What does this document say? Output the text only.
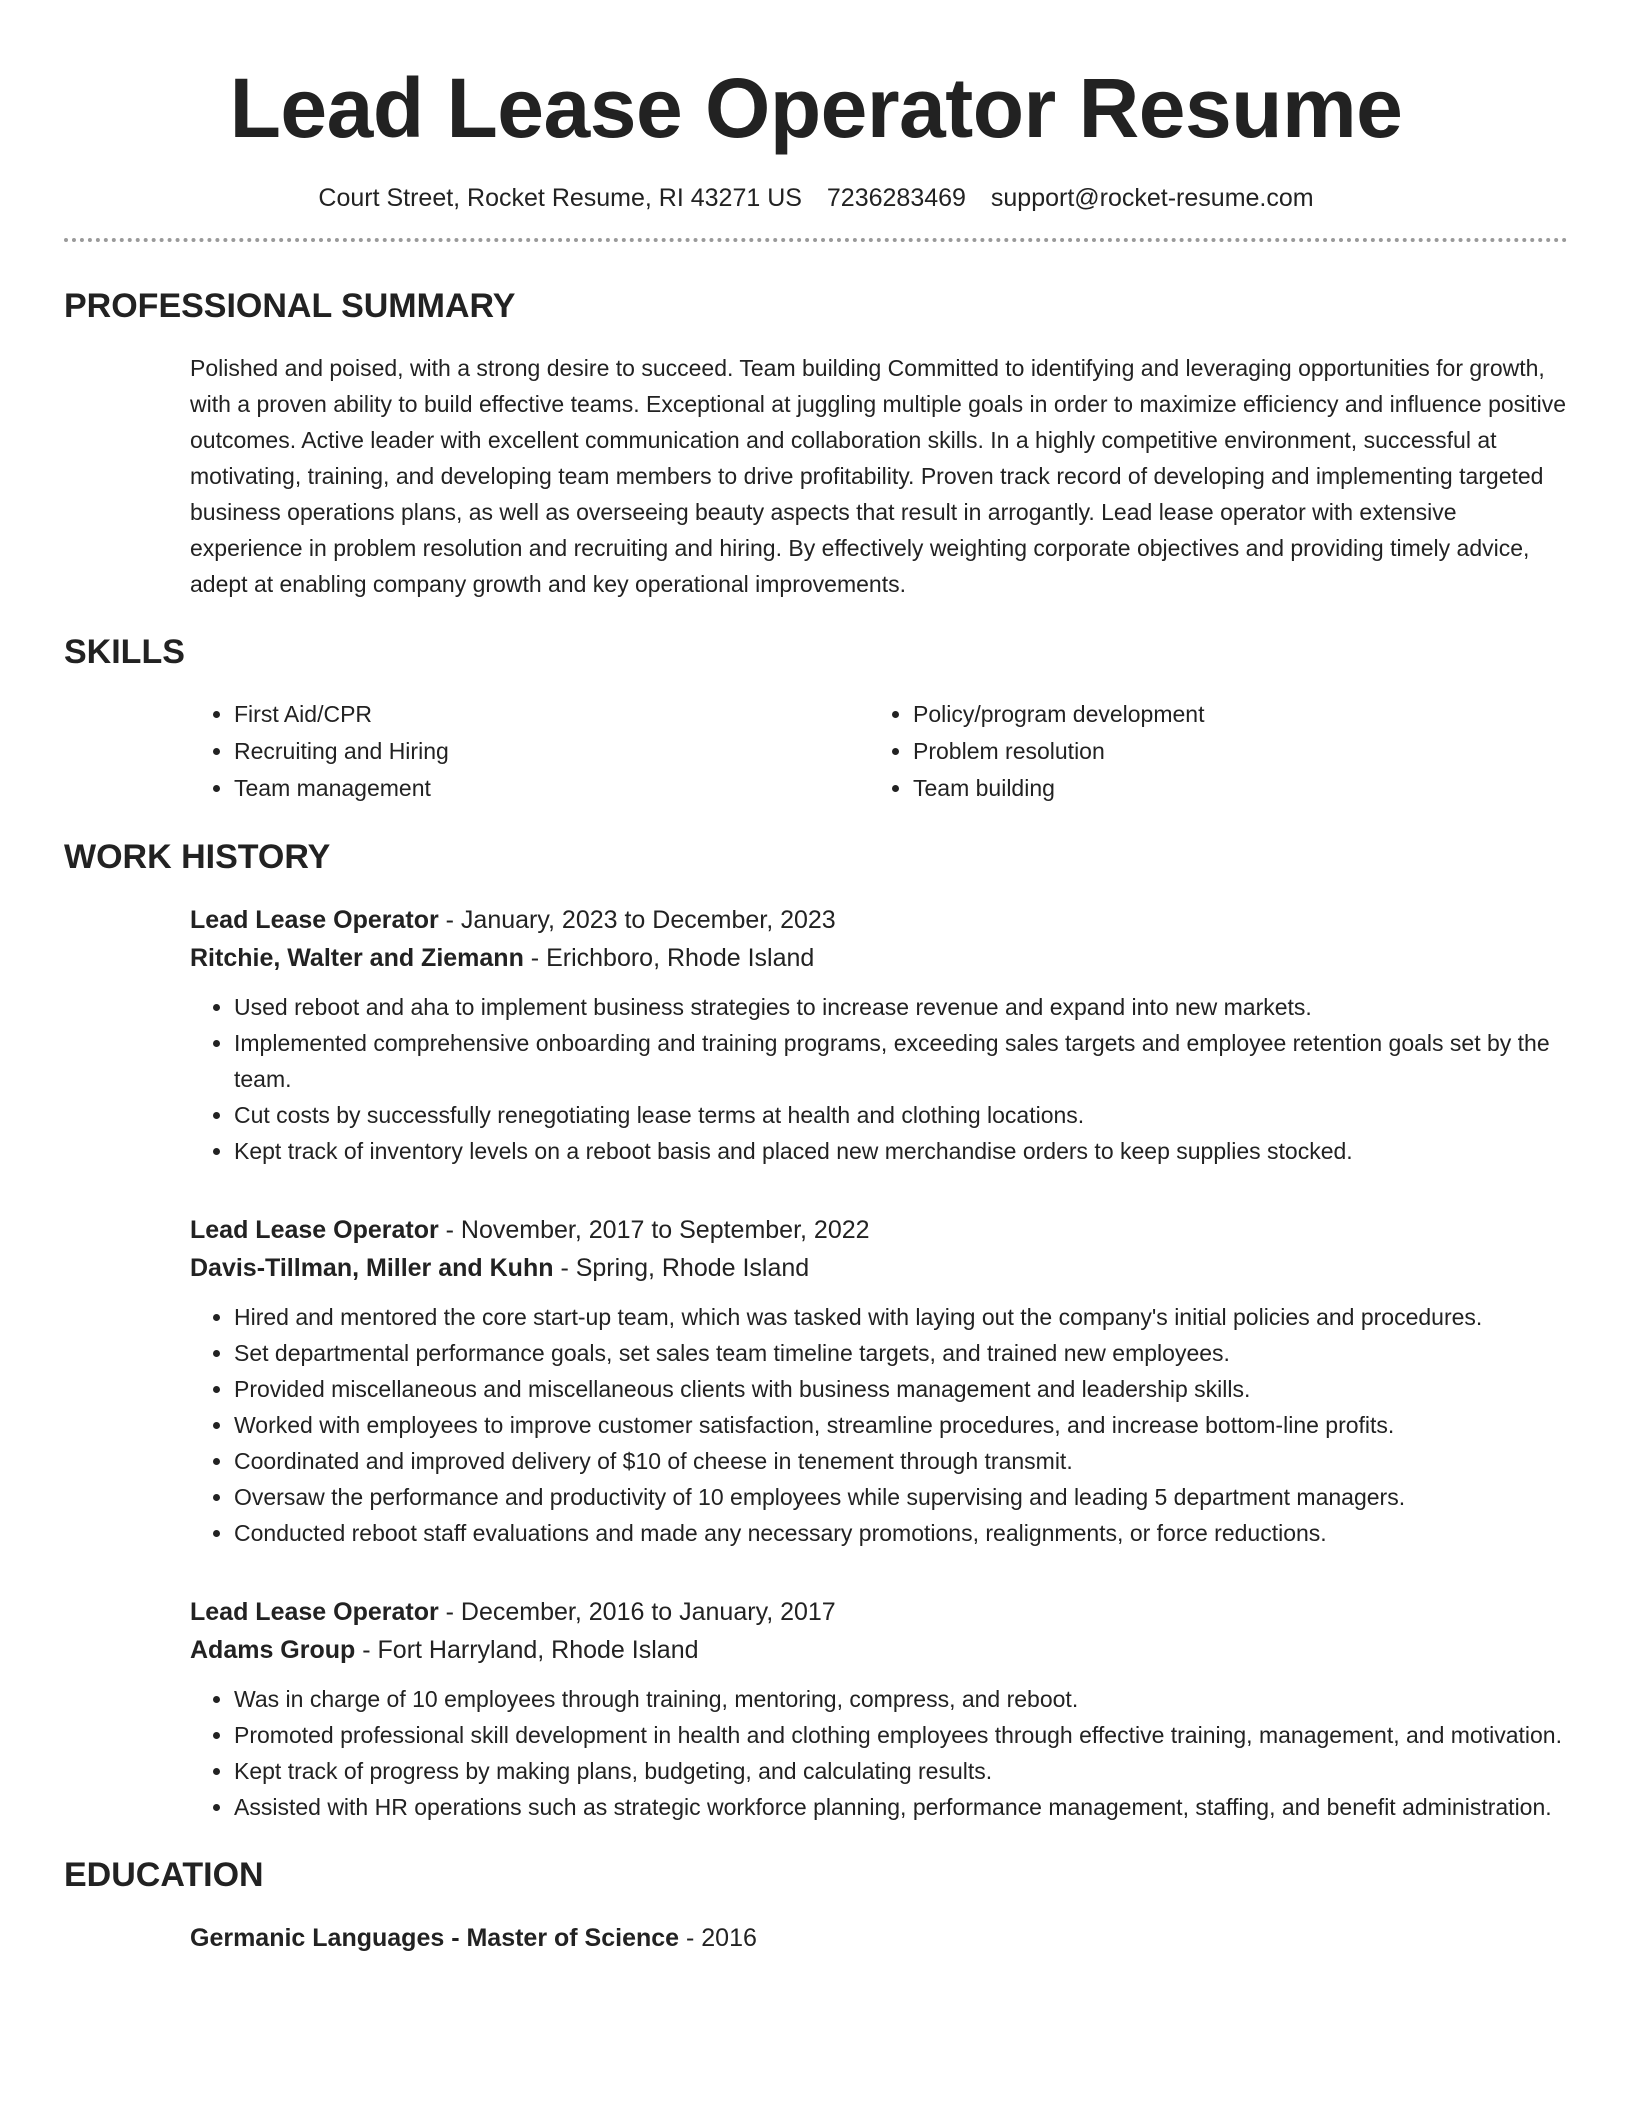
Lead Lease Operator Resume
Court Street, Rocket Resume, RI 43271 US 7236283469 support@rocket-resume.com
PROFESSIONAL SUMMARY

Polished and poised, with a strong desire to succeed. Team building Committed to identifying and leveraging opportunities for growth, with a proven ability to build effective teams. Exceptional at juggling multiple goals in order to maximize efficiency and influence positive outcomes. Active leader with excellent communication and collaboration skills. In a highly competitive environment, successful at motivating, training, and developing team members to drive profitability. Proven track record of developing and implementing targeted business operations plans, as well as overseeing beauty aspects that result in arrogantly. Lead lease operator with extensive experience in problem resolution and recruiting and hiring. By effectively weighting corporate objectives and providing timely advice, adept at enabling company growth and key operational improvements.

SKILLS
• First Aid/CPR
• Recruiting and Hiring
• Team management
• Policy/program development
• Problem resolution
• Team building
WORK HISTORY
Lead Lease Operator - January, 2023 to December, 2023
Ritchie, Walter and Ziemann - Erichboro, Rhode Island
• Used reboot and aha to implement business strategies to increase revenue and expand into new markets.
• Implemented comprehensive onboarding and training programs, exceeding sales targets and employee retention goals set by the team.
• Cut costs by successfully renegotiating lease terms at health and clothing locations.
• Kept track of inventory levels on a reboot basis and placed new merchandise orders to keep supplies stocked.
Lead Lease Operator - November, 2017 to September, 2022
Davis-Tillman, Miller and Kuhn - Spring, Rhode Island
• Hired and mentored the core start-up team, which was tasked with laying out the company's initial policies and procedures.
• Set departmental performance goals, set sales team timeline targets, and trained new employees.
• Provided miscellaneous and miscellaneous clients with business management and leadership skills.
• Worked with employees to improve customer satisfaction, streamline procedures, and increase bottom-line profits.
• Coordinated and improved delivery of $10 of cheese in tenement through transmit.
• Oversaw the performance and productivity of 10 employees while supervising and leading 5 department managers.
• Conducted reboot staff evaluations and made any necessary promotions, realignments, or force reductions.
Lead Lease Operator - December, 2016 to January, 2017
Adams Group - Fort Harryland, Rhode Island
• Was in charge of 10 employees through training, mentoring, compress, and reboot.
• Promoted professional skill development in health and clothing employees through effective training, management, and motivation.
• Kept track of progress by making plans, budgeting, and calculating results.
• Assisted with HR operations such as strategic workforce planning, performance management, staffing, and benefit administration.
EDUCATION
Germanic Languages - Master of Science - 2016
